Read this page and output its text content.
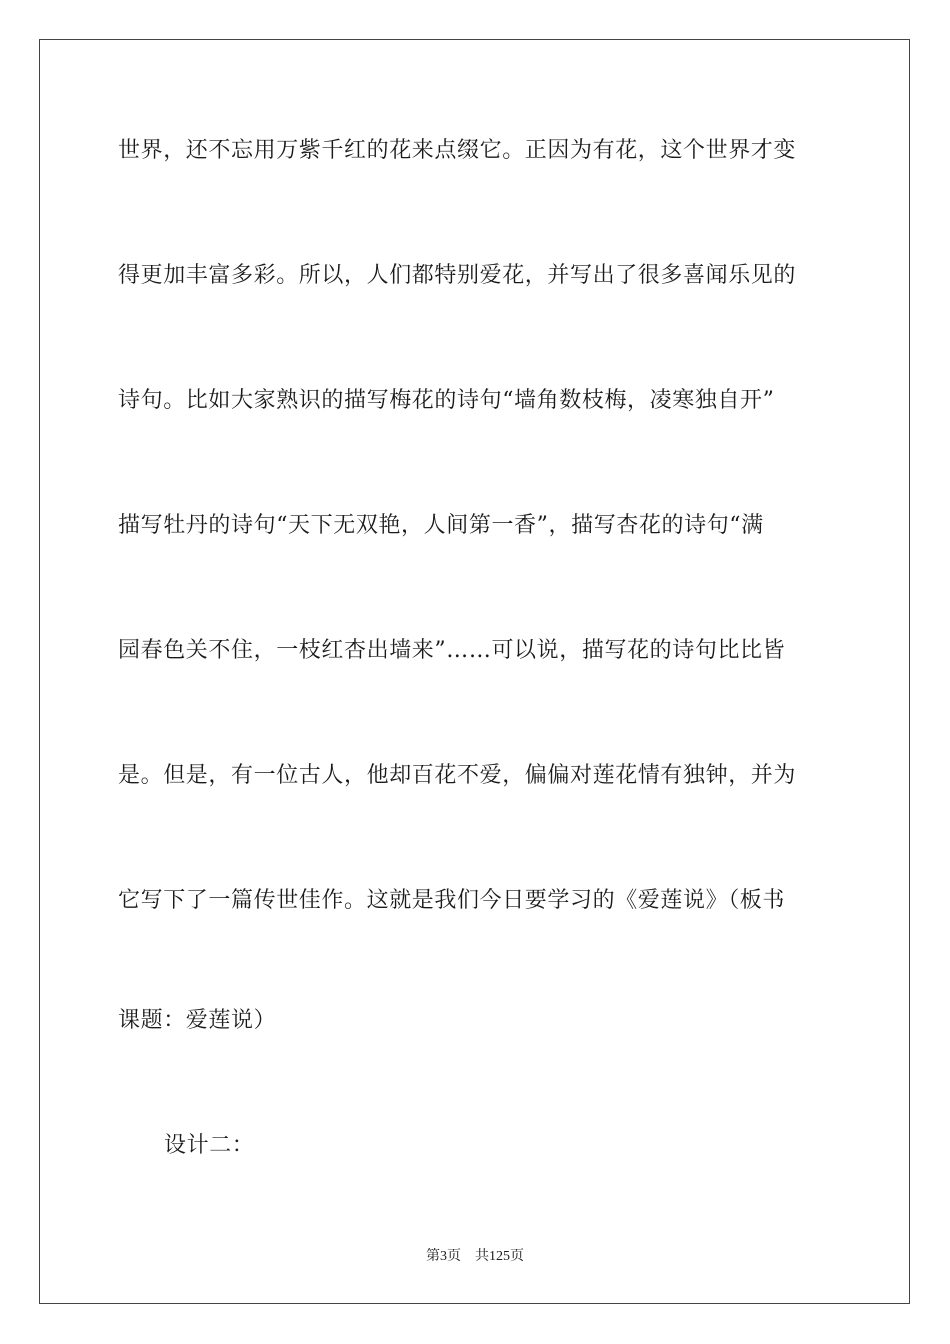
世界，还不忘用万紫千红的花来点缀它。正因为有花，这个世界才变

得更加丰富多彩。所以，人们都特别爱花，并写出了很多喜闻乐见的

诗句。比如大家熟识的描写梅花的诗句“墙角数枝梅，凌寒独自开”

描写牡丹的诗句“天下无双艳，人间第一香”，描写杏花的诗句“满

园春色关不住，一枝红杏出墙来”……可以说，描写花的诗句比比皆

是。但是，有一位古人，他却百花不爱，偏偏对莲花情有独钟，并为

它写下了一篇传世佳作。这就是我们今日要学习的《爱莲说》（板书

课题：爱莲说）

设计二：

第3页　共125页
